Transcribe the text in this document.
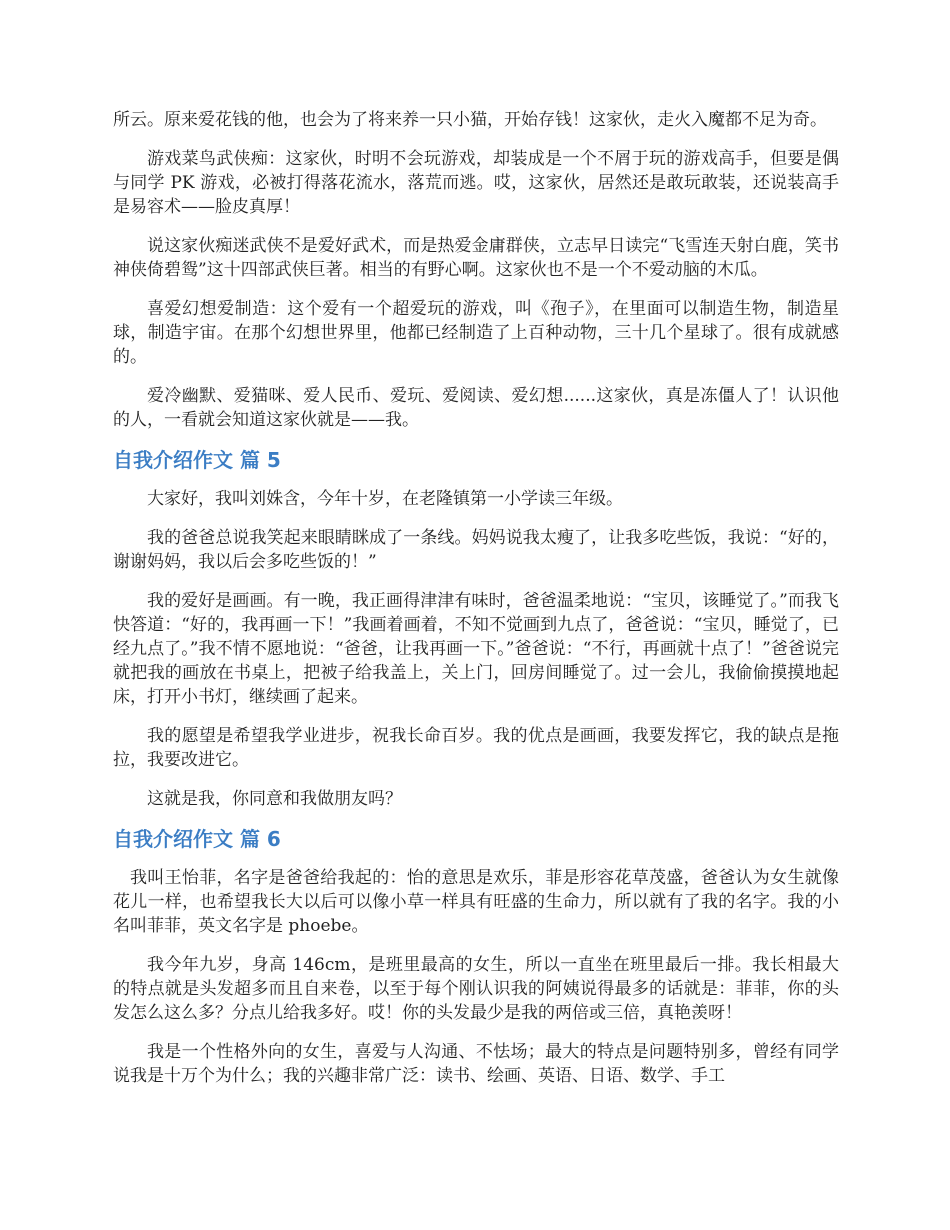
所云。原来爱花钱的他，也会为了将来养一只小猫，开始存钱！这家伙，走火入魔都不足为奇。

游戏菜鸟武侠痴：这家伙，时明不会玩游戏，却装成是一个不屑于玩的游戏高手，但要是偶与同学 PK 游戏，必被打得落花流水，落荒而逃。哎，这家伙，居然还是敢玩敢装，还说装高手是易容术——脸皮真厚！

说这家伙痴迷武侠不是爱好武术，而是热爱金庸群侠，立志早日读完“飞雪连天射白鹿，笑书神侠倚碧鸳”这十四部武侠巨著。相当的有野心啊。这家伙也不是一个不爱动脑的木瓜。

喜爱幻想爱制造：这个爱有一个超爱玩的游戏，叫《孢子》，在里面可以制造生物，制造星球，制造宇宙。在那个幻想世界里，他都已经制造了上百种动物，三十几个星球了。很有成就感的。

爱冷幽默、爱猫咪、爱人民币、爱玩、爱阅读、爱幻想......这家伙，真是冻僵人了！认识他的人，一看就会知道这家伙就是——我。

自我介绍作文 篇 5

大家好，我叫刘姝含，今年十岁，在老隆镇第一小学读三年级。

我的爸爸总说我笑起来眼睛眯成了一条线。妈妈说我太瘦了，让我多吃些饭，我说：“好的，谢谢妈妈，我以后会多吃些饭的！”

我的爱好是画画。有一晚，我正画得津津有味时，爸爸温柔地说：“宝贝，该睡觉了。”而我飞快答道：“好的，我再画一下！”我画着画着，不知不觉画到九点了，爸爸说：“宝贝，睡觉了，已经九点了。”我不情不愿地说：“爸爸，让我再画一下。”爸爸说：“不行，再画就十点了！”爸爸说完就把我的画放在书桌上，把被子给我盖上，关上门，回房间睡觉了。过一会儿，我偷偷摸摸地起床，打开小书灯，继续画了起来。

我的愿望是希望我学业进步，祝我长命百岁。我的优点是画画，我要发挥它，我的缺点是拖拉，我要改进它。

这就是我，你同意和我做朋友吗？

自我介绍作文 篇 6

我叫王怡菲，名字是爸爸给我起的：怡的意思是欢乐，菲是形容花草茂盛，爸爸认为女生就像花儿一样，也希望我长大以后可以像小草一样具有旺盛的生命力，所以就有了我的名字。我的小名叫菲菲，英文名字是 phoebe。

我今年九岁，身高 146cm，是班里最高的女生，所以一直坐在班里最后一排。我长相最大的特点就是头发超多而且自来卷，以至于每个刚认识我的阿姨说得最多的话就是：菲菲，你的头发怎么这么多？分点儿给我多好。哎！你的头发最少是我的两倍或三倍，真艳羡呀！

我是一个性格外向的女生，喜爱与人沟通、不怯场；最大的特点是问题特别多，曾经有同学说我是十万个为什么；我的兴趣非常广泛：读书、绘画、英语、日语、数学、手工
